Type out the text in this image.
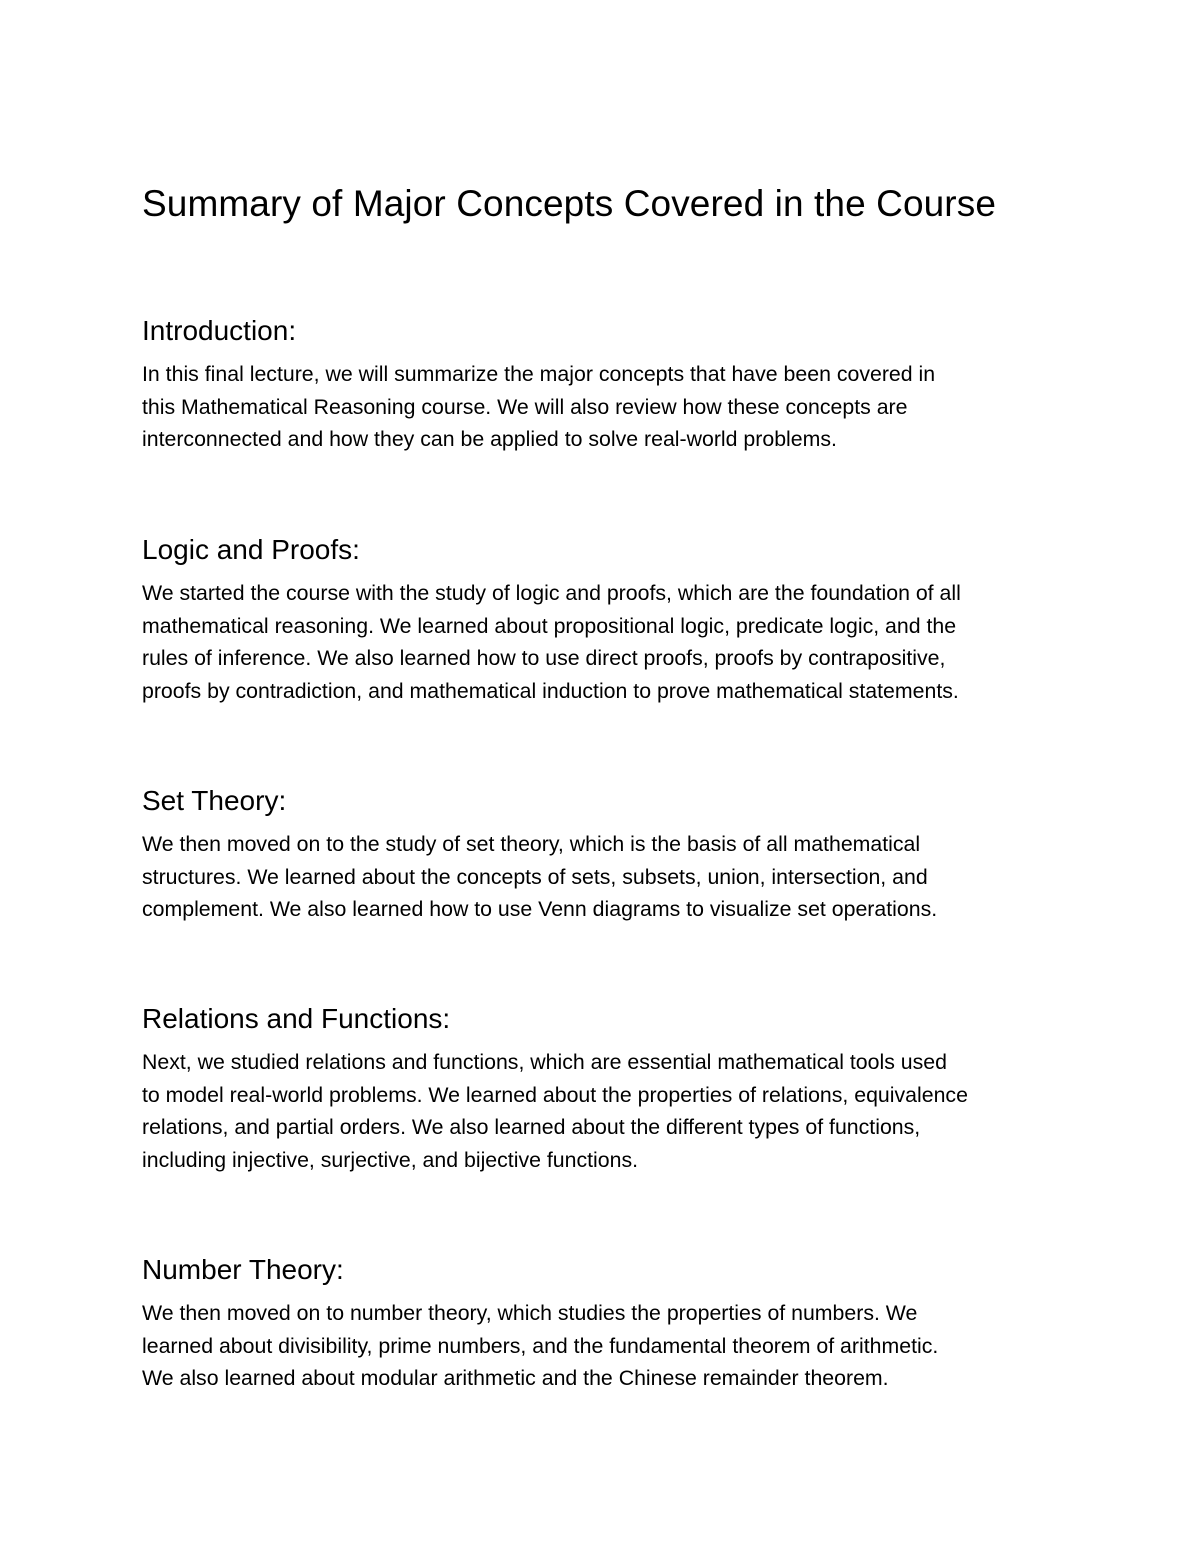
Summary of Major Concepts Covered in the Course
Introduction:

In this final lecture, we will summarize the major concepts that have been covered in
this Mathematical Reasoning course. We will also review how these concepts are
interconnected and how they can be applied to solve real-world problems.

Logic and Proofs:

We started the course with the study of logic and proofs, which are the foundation of all
mathematical reasoning. We learned about propositional logic, predicate logic, and the
rules of inference. We also learned how to use direct proofs, proofs by contrapositive,
proofs by contradiction, and mathematical induction to prove mathematical statements.

Set Theory:

We then moved on to the study of set theory, which is the basis of all mathematical
structures. We learned about the concepts of sets, subsets, union, intersection, and
complement. We also learned how to use Venn diagrams to visualize set operations.

Relations and Functions:

Next, we studied relations and functions, which are essential mathematical tools used
to model real-world problems. We learned about the properties of relations, equivalence
relations, and partial orders. We also learned about the different types of functions,
including injective, surjective, and bijective functions.

Number Theory:

We then moved on to number theory, which studies the properties of numbers. We
learned about divisibility, prime numbers, and the fundamental theorem of arithmetic.
We also learned about modular arithmetic and the Chinese remainder theorem.
